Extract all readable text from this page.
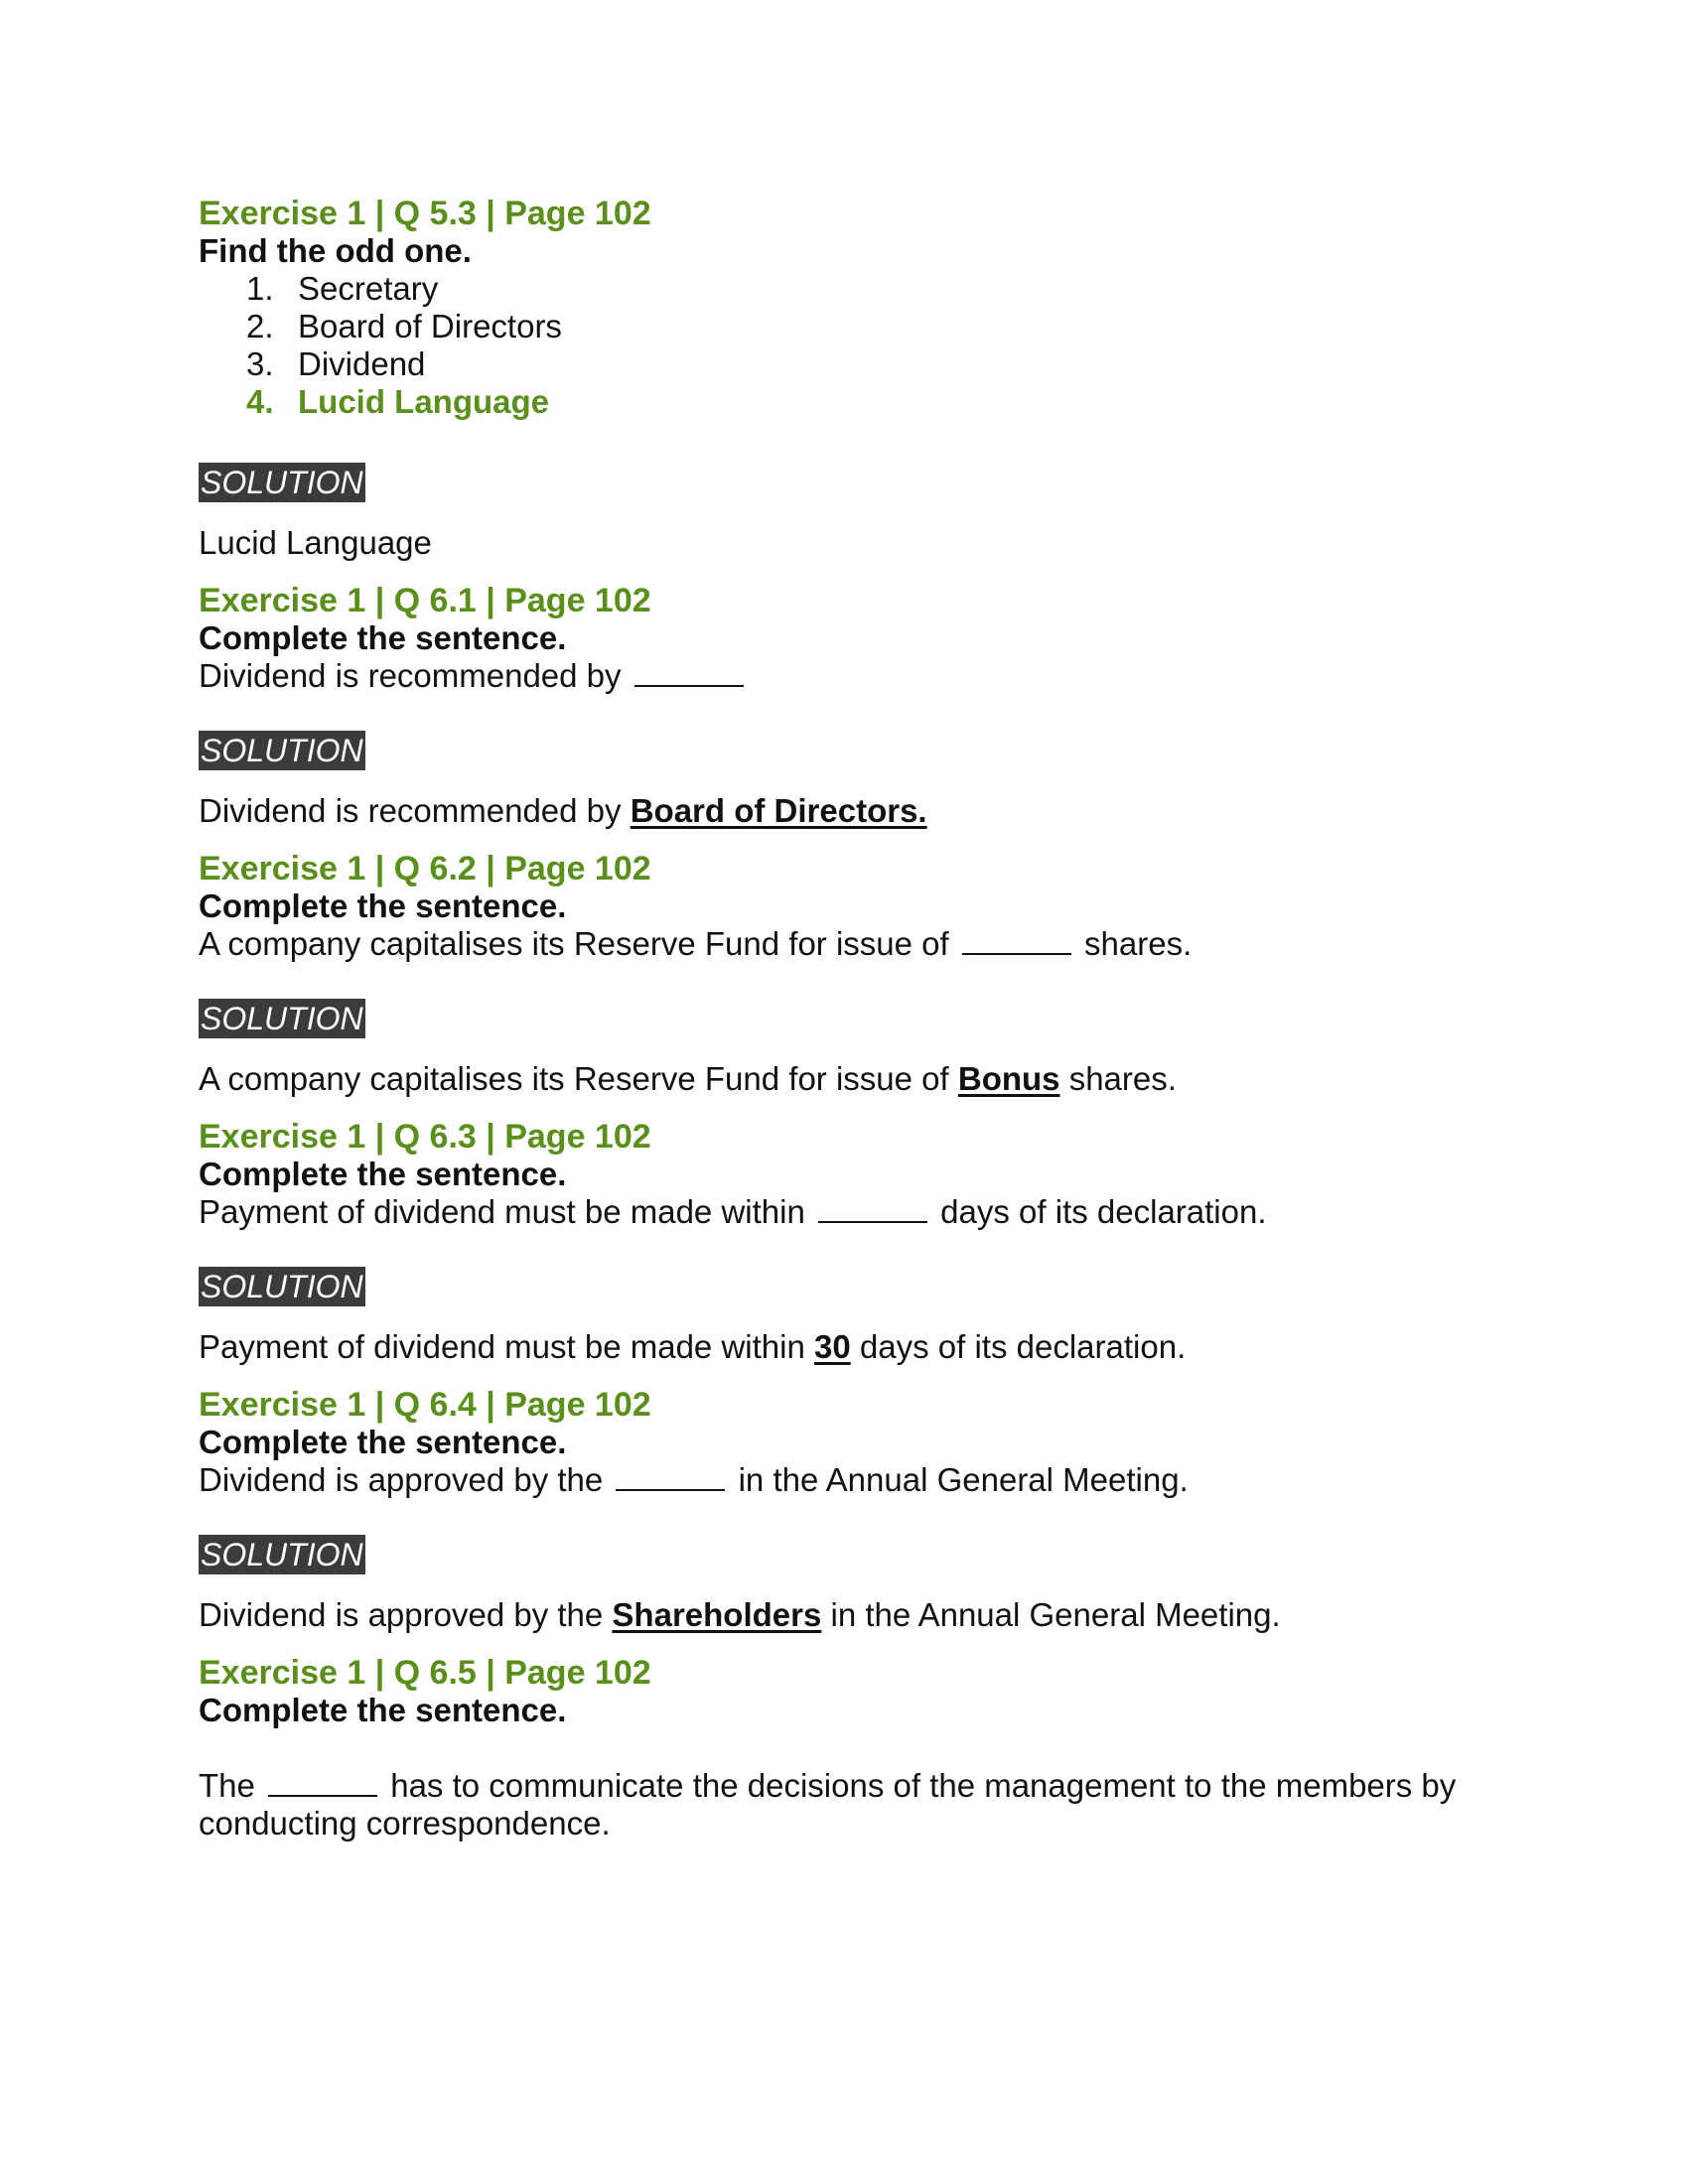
Exercise 1 | Q 5.3 | Page 102

Find the odd one.

1. Secretary
2. Board of Directors
3. Dividend
4. Lucid Language
SOLUTION

Lucid Language

Exercise 1 | Q 6.1 | Page 102

Complete the sentence.

Dividend is recommended by

SOLUTION

Dividend is recommended by Board of Directors.

Exercise 1 | Q 6.2 | Page 102

Complete the sentence.

A company capitalises its Reserve Fund for issue of	shares.

SOLUTION

A company capitalises its Reserve Fund for issue of Bonus shares.

Exercise 1 | Q 6.3 | Page 102

Complete the sentence.

Payment of dividend must be made within	days of its declaration.

SOLUTION

Payment of dividend must be made within 30 days of its declaration.

Exercise 1 | Q 6.4 | Page 102

Complete the sentence.

Dividend is approved by the	in the Annual General Meeting.

SOLUTION

Dividend is approved by the Shareholders in the Annual General Meeting.

Exercise 1 | Q 6.5 | Page 102

Complete the sentence.

The	has to communicate the decisions of the management to the members by conducting correspondence.
